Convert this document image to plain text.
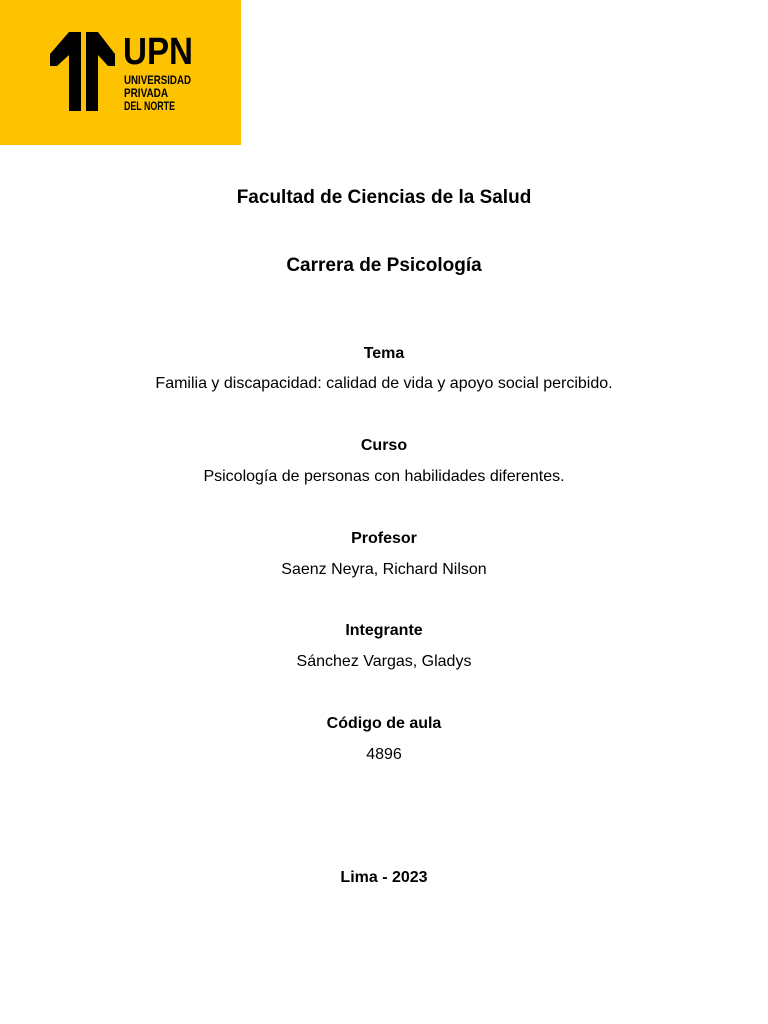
UPN
UNIVERSIDAD
PRIVADA
DEL NORTE
Facultad de Ciencias de la Salud
Carrera de Psicología
Tema
Familia y discapacidad: calidad de vida y apoyo social percibido.
Curso
Psicología de personas con habilidades diferentes.
Profesor
Saenz Neyra, Richard Nilson
Integrante
Sánchez Vargas, Gladys
Código de aula
4896
Lima - 2023
